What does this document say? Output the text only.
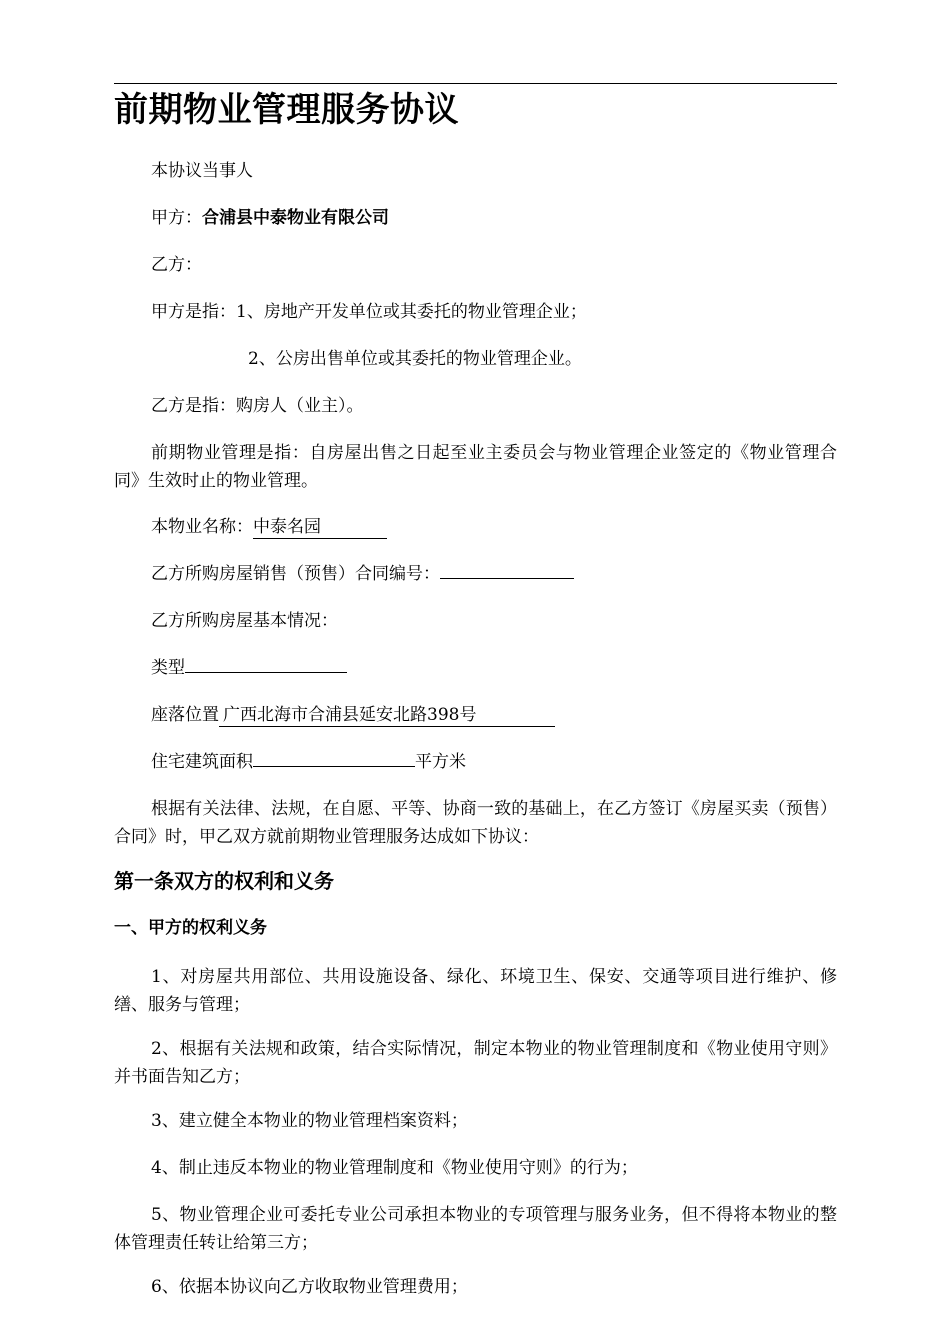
前期物业管理服务协议
本协议当事人
甲方：合浦县中泰物业有限公司
乙方：
甲方是指：1、房地产开发单位或其委托的物业管理企业；
2、公房出售单位或其委托的物业管理企业。
乙方是指：购房人（业主）。
前期物业管理是指：自房屋出售之日起至业主委员会与物业管理企业签定的《物业管理合同》生效时止的物业管理。
本物业名称：中泰名园
乙方所购房屋销售（预售）合同编号：
乙方所购房屋基本情况：
类型
座落位置 广西北海市合浦县延安北路398号
住宅建筑面积	平方米
根据有关法律、法规，在自愿、平等、协商一致的基础上，在乙方签订《房屋买卖（预售）合同》时，甲乙双方就前期物业管理服务达成如下协议：
第一条双方的权利和义务
一、甲方的权利义务
1、对房屋共用部位、共用设施设备、绿化、环境卫生、保安、交通等项目进行维护、修缮、服务与管理；
2、根据有关法规和政策，结合实际情况，制定本物业的物业管理制度和《物业使用守则》并书面告知乙方；
3、建立健全本物业的物业管理档案资料；
4、制止违反本物业的物业管理制度和《物业使用守则》的行为；
5、物业管理企业可委托专业公司承担本物业的专项管理与服务业务，但不得将本物业的整体管理责任转让给第三方；
6、依据本协议向乙方收取物业管理费用；
